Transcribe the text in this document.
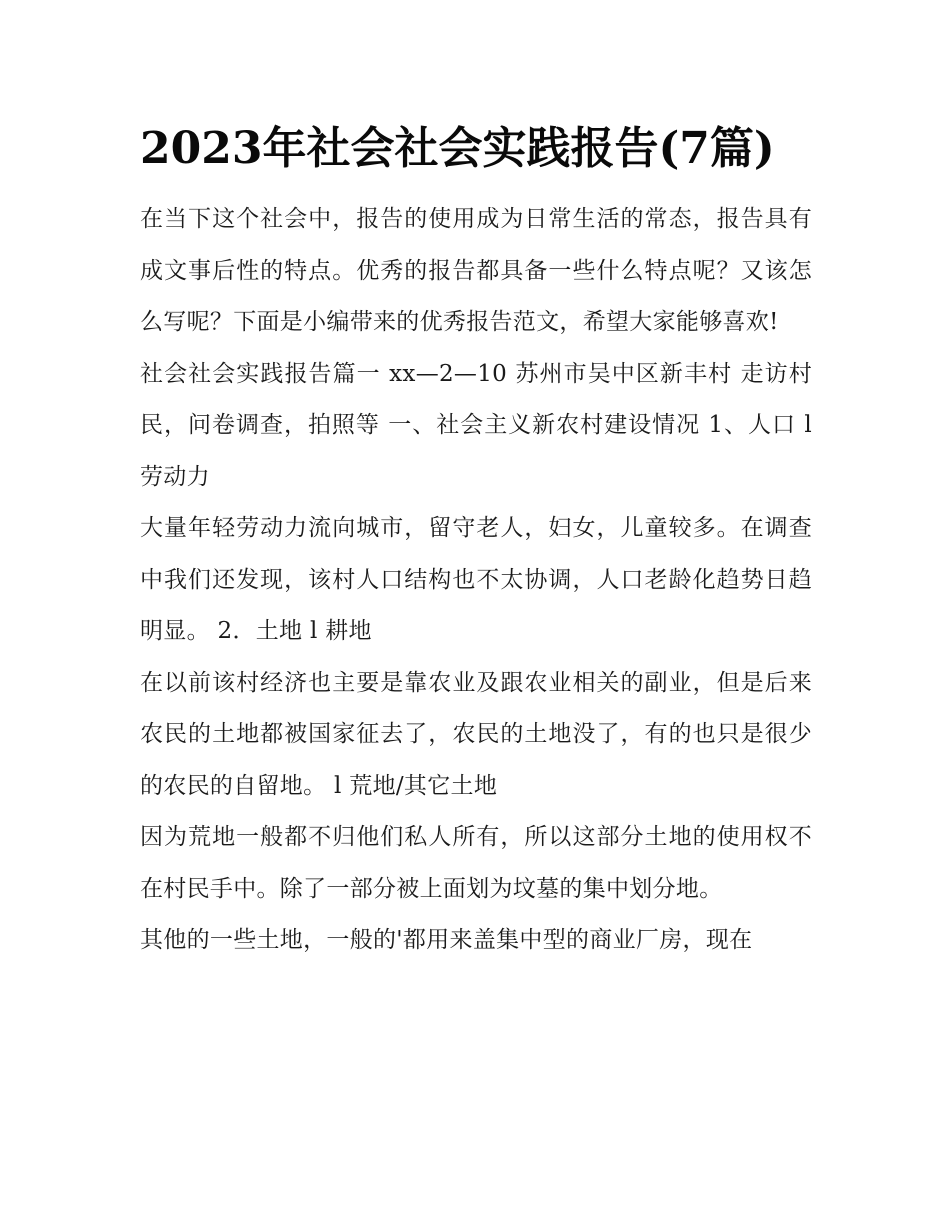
2023年社会社会实践报告(7篇)

在当下这个社会中，报告的使用成为日常生活的常态，报告具有成文事后性的特点。优秀的报告都具备一些什么特点呢？又该怎么写呢？下面是小编带来的优秀报告范文，希望大家能够喜欢!

社会社会实践报告篇一 xx—2—10 苏州市吴中区新丰村 走访村民，问卷调查，拍照等 一、社会主义新农村建设情况 1、人口 l 劳动力

大量年轻劳动力流向城市，留守老人，妇女，儿童较多。在调查中我们还发现，该村人口结构也不太协调，人口老龄化趋势日趋明显。 2．土地 l 耕地

在以前该村经济也主要是靠农业及跟农业相关的副业，但是后来农民的土地都被国家征去了，农民的土地没了，有的也只是很少的农民的自留地。 l 荒地/其它土地

因为荒地一般都不归他们私人所有，所以这部分土地的使用权不在村民手中。除了一部分被上面划为坟墓的集中划分地。

其他的一些土地，一般的'都用来盖集中型的商业厂房，现在
